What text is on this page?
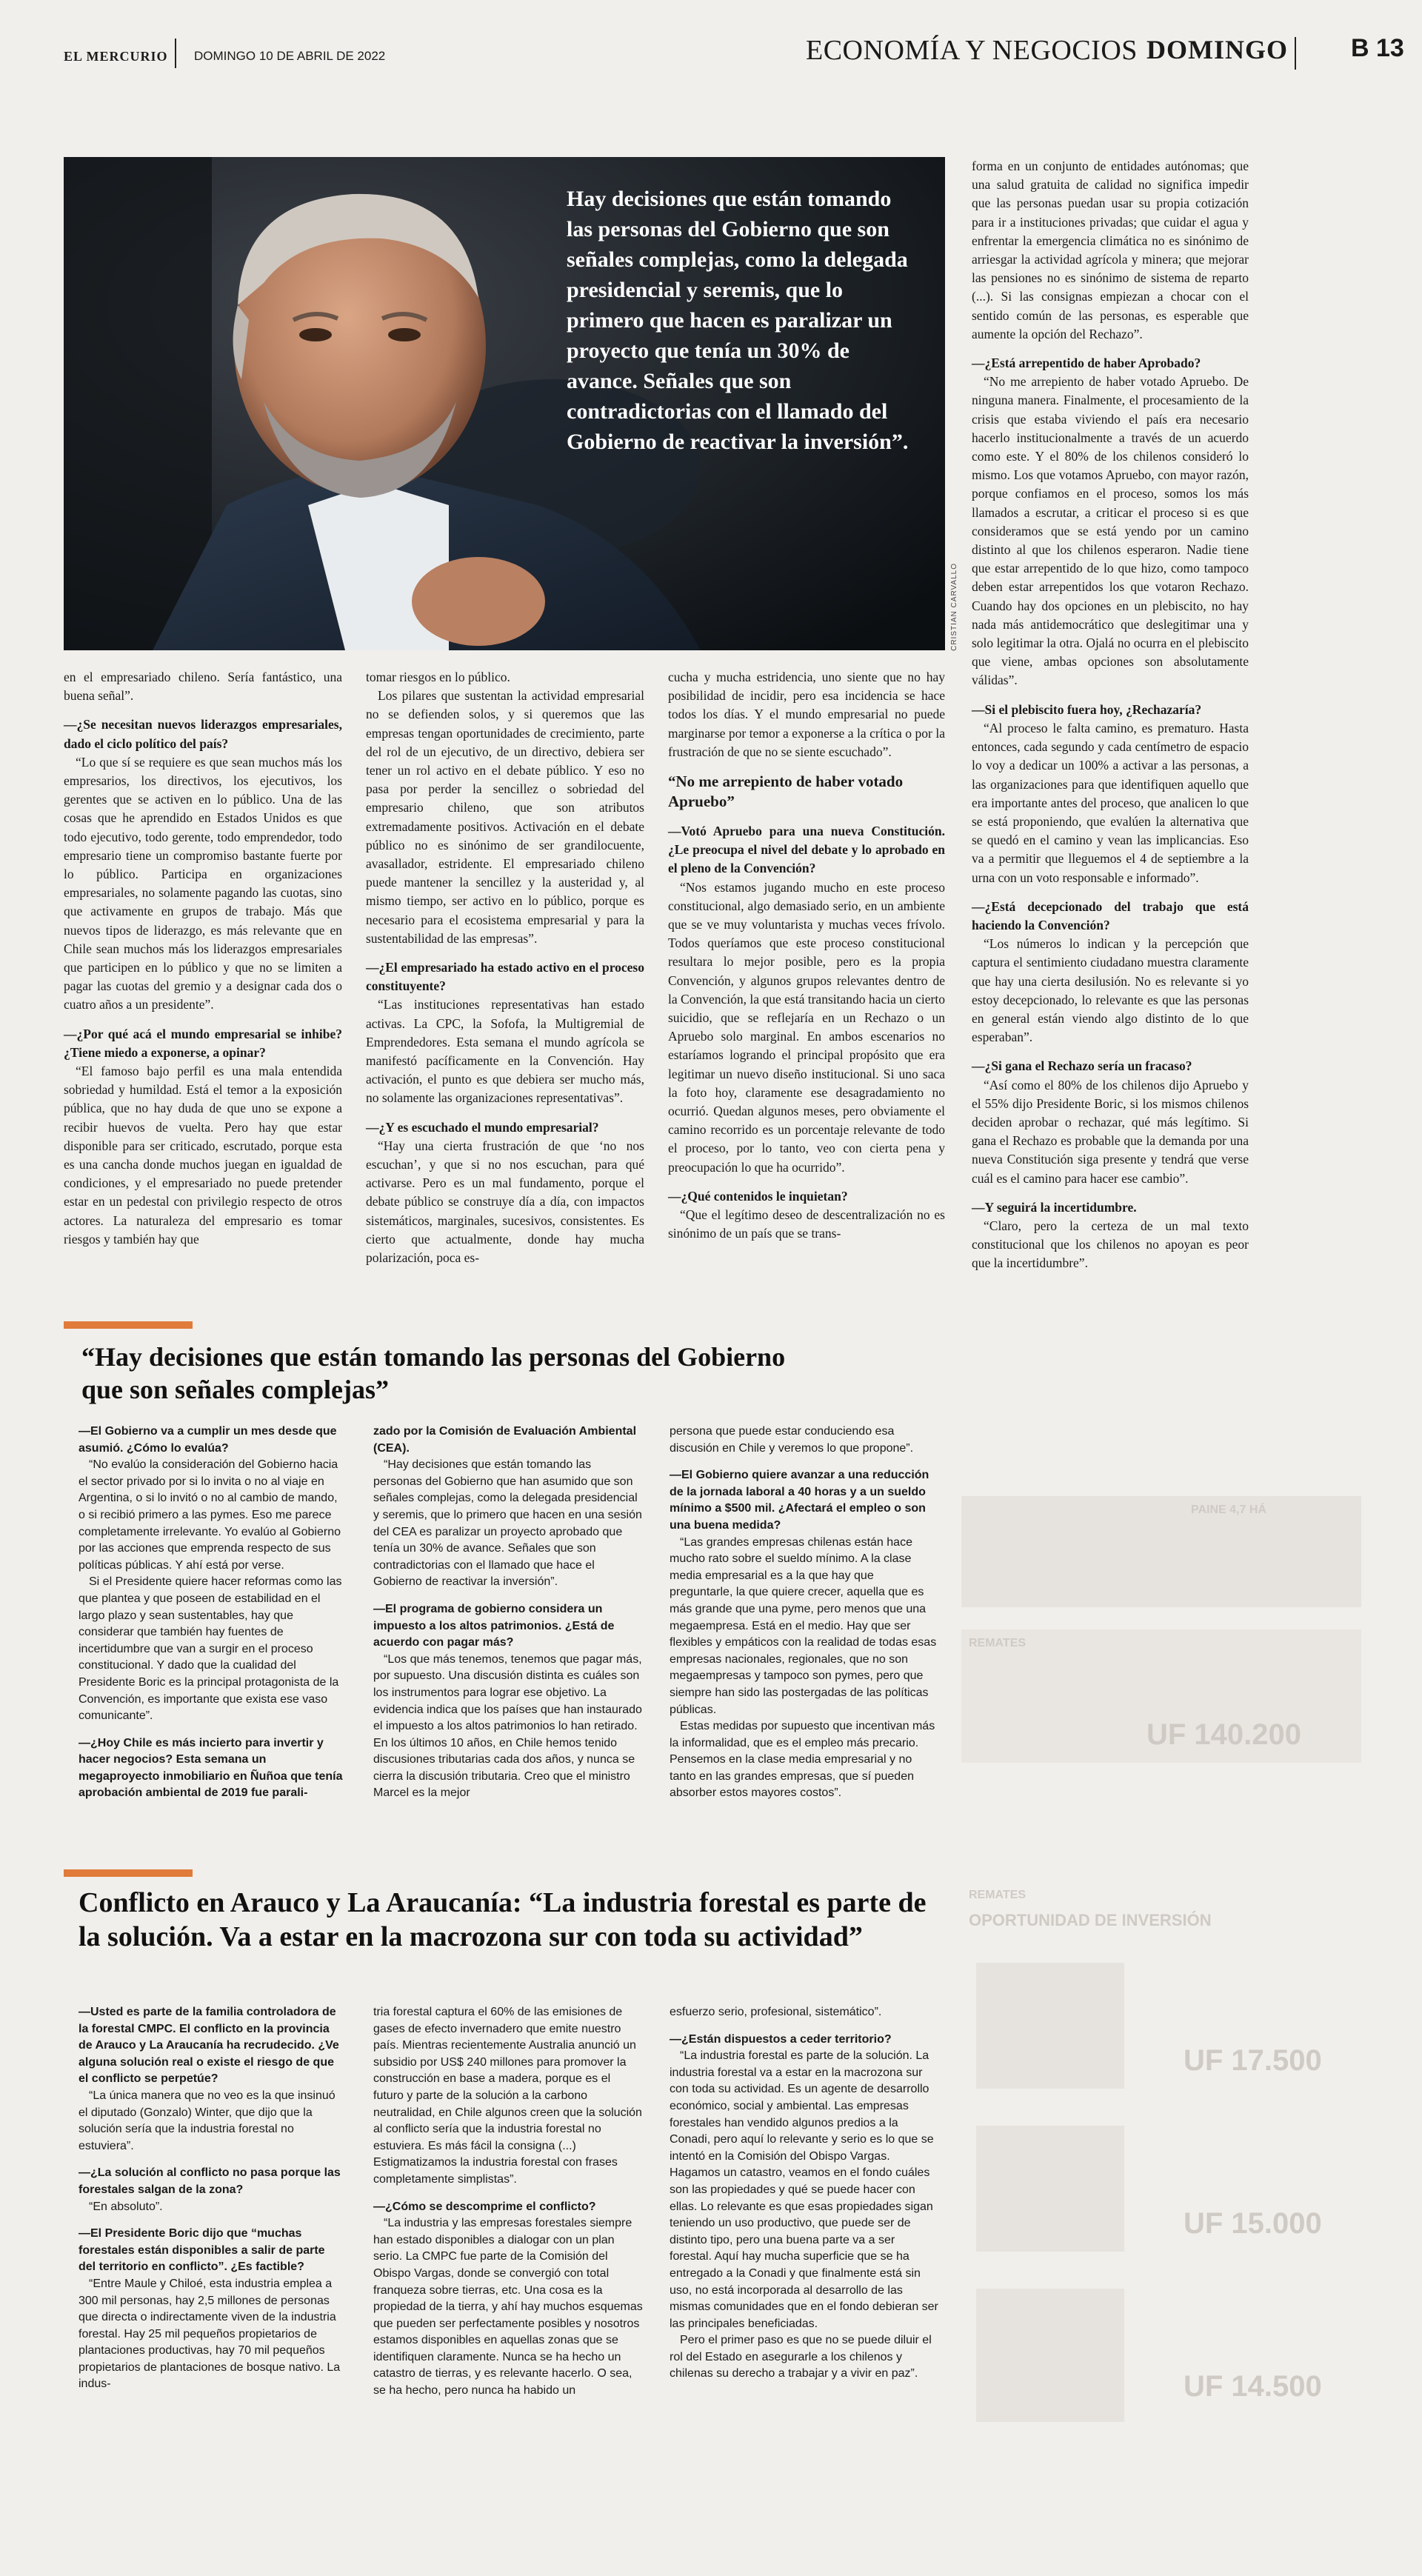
EL MERCURIO DOMINGO 10 DE ABRIL DE 2022	ECONOMÍA Y NEGOCIOS DOMINGO	B 13
Hay decisiones que están tomando las personas del Gobierno que son señales complejas, como la delegada presidencial y seremis, que lo primero que hacen es paralizar un proyecto que tenía un 30% de avance. Señales que son contradictorias con el llamado del Gobierno de reactivar la inversión”.
CRISTIAN CARVALLO

en el empresariado chileno. Sería fantástico, una buena señal”.

—¿Se necesitan nuevos liderazgos empresariales, dado el ciclo político del país?

“Lo que sí se requiere es que sean muchos más los empresarios, los directivos, los ejecutivos, los gerentes que se activen en lo público. Una de las cosas que he aprendido en Estados Unidos es que todo ejecutivo, todo gerente, todo emprendedor, todo empresario tiene un compromiso bastante fuerte por lo público. Participa en organizaciones empresariales, no solamente pagando las cuotas, sino que activamente en grupos de trabajo. Más que nuevos tipos de liderazgo, es más relevante que en Chile sean muchos más los liderazgos empresariales que participen en lo público y que no se limiten a pagar las cuotas del gremio y a designar cada dos o cuatro años a un presidente”.

—¿Por qué acá el mundo empresarial se inhibe? ¿Tiene miedo a exponerse, a opinar?

“El famoso bajo perfil es una mala entendida sobriedad y humildad. Está el temor a la exposición pública, que no hay duda de que uno se expone a recibir huevos de vuelta. Pero hay que estar disponible para ser criticado, escrutado, porque esta es una cancha donde muchos juegan en igualdad de condiciones, y el empresariado no puede pretender estar en un pedestal con privilegio respecto de otros actores. La naturaleza del empresario es tomar riesgos y también hay que

tomar riesgos en lo público.

Los pilares que sustentan la actividad empresarial no se defienden solos, y si queremos que las empresas tengan oportunidades de crecimiento, parte del rol de un ejecutivo, de un directivo, debiera ser tener un rol activo en el debate público. Y eso no pasa por perder la sencillez o sobriedad del empresario chileno, que son atributos extremadamente positivos. Activación en el debate público no es sinónimo de ser grandilocuente, avasallador, estridente. El empresariado chileno puede mantener la sencillez y la austeridad y, al mismo tiempo, ser activo en lo público, porque es necesario para el ecosistema empresarial y para la sustentabilidad de las empresas”.

—¿El empresariado ha estado activo en el proceso constituyente?

“Las instituciones representativas han estado activas. La CPC, la Sofofa, la Multigremial de Emprendedores. Esta semana el mundo agrícola se manifestó pacíficamente en la Convención. Hay activación, el punto es que debiera ser mucho más, no solamente las organizaciones representativas”.

—¿Y es escuchado el mundo empresarial?

“Hay una cierta frustración de que ‘no nos escuchan’, y que si no nos escuchan, para qué activarse. Pero es un mal fundamento, porque el debate público se construye día a día, con impactos sistemáticos, marginales, sucesivos, consistentes. Es cierto que actualmente, donde hay mucha polarización, poca es-

cucha y mucha estridencia, uno siente que no hay posibilidad de incidir, pero esa incidencia se hace todos los días. Y el mundo empresarial no puede marginarse por temor a exponerse a la crítica o por la frustración de que no se siente escuchado”.

“No me arrepiento de haber votado Apruebo”

—Votó Apruebo para una nueva Constitución. ¿Le preocupa el nivel del debate y lo aprobado en el pleno de la Convención?

“Nos estamos jugando mucho en este proceso constitucional, algo demasiado serio, en un ambiente que se ve muy voluntarista y muchas veces frívolo. Todos queríamos que este proceso constitucional resultara lo mejor posible, pero es la propia Convención, y algunos grupos relevantes dentro de la Convención, la que está transitando hacia un cierto suicidio, que se reflejaría en un Rechazo o un Apruebo solo marginal. En ambos escenarios no estaríamos logrando el principal propósito que era legitimar un nuevo diseño institucional. Si uno saca la foto hoy, claramente ese desagradamiento no ocurrió. Quedan algunos meses, pero obviamente el camino recorrido es un porcentaje relevante de todo el proceso, por lo tanto, veo con cierta pena y preocupación lo que ha ocurrido”.

—¿Qué contenidos le inquietan?

“Que el legítimo deseo de descentralización no es sinónimo de un país que se trans-

forma en un conjunto de entidades autónomas; que una salud gratuita de calidad no significa impedir que las personas puedan usar su propia cotización para ir a instituciones privadas; que cuidar el agua y enfrentar la emergencia climática no es sinónimo de arriesgar la actividad agrícola y minera; que mejorar las pensiones no es sinónimo de sistema de reparto (...). Si las consignas empiezan a chocar con el sentido común de las personas, es esperable que aumente la opción del Rechazo”.

—¿Está arrepentido de haber Aprobado?

“No me arrepiento de haber votado Apruebo. De ninguna manera. Finalmente, el procesamiento de la crisis que estaba viviendo el país era necesario hacerlo institucionalmente a través de un acuerdo como este. Y el 80% de los chilenos consideró lo mismo. Los que votamos Apruebo, con mayor razón, porque confiamos en el proceso, somos los más llamados a escrutar, a criticar el proceso si es que consideramos que se está yendo por un camino distinto al que los chilenos esperaron. Nadie tiene que estar arrepentido de lo que hizo, como tampoco deben estar arrepentidos los que votaron Rechazo. Cuando hay dos opciones en un plebiscito, no hay nada más antidemocrático que deslegitimar una y solo legitimar la otra. Ojalá no ocurra en el plebiscito que viene, ambas opciones son absolutamente válidas”.

—Si el plebiscito fuera hoy, ¿Rechazaría?

“Al proceso le falta camino, es prematuro. Hasta entonces, cada segundo y cada centímetro de espacio lo voy a dedicar un 100% a activar a las personas, a las organizaciones para que identifiquen aquello que era importante antes del proceso, que analicen lo que se está proponiendo, que evalúen la alternativa que se quedó en el camino y vean las implicancias. Eso va a permitir que lleguemos el 4 de septiembre a la urna con un voto responsable e informado”.

—¿Está decepcionado del trabajo que está haciendo la Convención?

“Los números lo indican y la percepción que captura el sentimiento ciudadano muestra claramente que hay una cierta desilusión. No es relevante si yo estoy decepcionado, lo relevante es que las personas en general están viendo algo distinto de lo que esperaban”.

—¿Si gana el Rechazo sería un fracaso?

“Así como el 80% de los chilenos dijo Apruebo y el 55% dijo Presidente Boric, si los mismos chilenos deciden aprobar o rechazar, qué más legítimo. Si gana el Rechazo es probable que la demanda por una nueva Constitución siga presente y tendrá que verse cuál es el camino para hacer ese cambio”.

—Y seguirá la incertidumbre.

“Claro, pero la certeza de un mal texto constitucional que los chilenos no apoyan es peor que la incertidumbre”.

“Hay decisiones que están tomando las personas del Gobierno que son señales complejas”

—El Gobierno va a cumplir un mes desde que asumió. ¿Cómo lo evalúa?

“No evalúo la consideración del Gobierno hacia el sector privado por si lo invita o no al viaje en Argentina, o si lo invitó o no al cambio de mando, o si recibió primero a las pymes. Eso me parece completamente irrelevante. Yo evalúo al Gobierno por las acciones que emprenda respecto de sus políticas públicas. Y ahí está por verse.

Si el Presidente quiere hacer reformas como las que plantea y que poseen de estabilidad en el largo plazo y sean sustentables, hay que considerar que también hay fuentes de incertidumbre que van a surgir en el proceso constitucional. Y dado que la cualidad del Presidente Boric es la principal protagonista de la Convención, es importante que exista ese vaso comunicante”.

—¿Hoy Chile es más incierto para invertir y hacer negocios? Esta semana un megaproyecto inmobiliario en Ñuñoa que tenía aprobación ambiental de 2019 fue parali-

zado por la Comisión de Evaluación Ambiental (CEA).

“Hay decisiones que están tomando las personas del Gobierno que han asumido que son señales complejas, como la delegada presidencial y seremis, que lo primero que hacen en una sesión del CEA es paralizar un proyecto aprobado que tenía un 30% de avance. Señales que son contradictorias con el llamado que hace el Gobierno de reactivar la inversión”.

—El programa de gobierno considera un impuesto a los altos patrimonios. ¿Está de acuerdo con pagar más?

“Los que más tenemos, tenemos que pagar más, por supuesto. Una discusión distinta es cuáles son los instrumentos para lograr ese objetivo. La evidencia indica que los países que han instaurado el impuesto a los altos patrimonios lo han retirado. En los últimos 10 años, en Chile hemos tenido discusiones tributarias cada dos años, y nunca se cierra la discusión tributaria. Creo que el ministro Marcel es la mejor

persona que puede estar conduciendo esa discusión en Chile y veremos lo que propone”.

—El Gobierno quiere avanzar a una reducción de la jornada laboral a 40 horas y a un sueldo mínimo a $500 mil. ¿Afectará el empleo o son una buena medida?

“Las grandes empresas chilenas están hace mucho rato sobre el sueldo mínimo. A la clase media empresarial es a la que hay que preguntarle, la que quiere crecer, aquella que es más grande que una pyme, pero menos que una megaempresa. Está en el medio. Hay que ser flexibles y empáticos con la realidad de todas esas empresas nacionales, regionales, que no son megaempresas y tampoco son pymes, pero que siempre han sido las postergadas de las políticas públicas.

Estas medidas por supuesto que incentivan más la informalidad, que es el empleo más precario. Pensemos en la clase media empresarial y no tanto en las grandes empresas, que sí pueden absorber estos mayores costos”.

Conflicto en Arauco y La Araucanía: “La industria forestal es parte de la solución. Va a estar en la macrozona sur con toda su actividad”

—Usted es parte de la familia controladora de la forestal CMPC. El conflicto en la provincia de Arauco y La Araucanía ha recrudecido. ¿Ve alguna solución real o existe el riesgo de que el conflicto se perpetúe?

“La única manera que no veo es la que insinuó el diputado (Gonzalo) Winter, que dijo que la solución sería que la industria forestal no estuviera”.

—¿La solución al conflicto no pasa porque las forestales salgan de la zona?

“En absoluto”.

—El Presidente Boric dijo que “muchas forestales están disponibles a salir de parte del territorio en conflicto”. ¿Es factible?

“Entre Maule y Chiloé, esta industria emplea a 300 mil personas, hay 2,5 millones de personas que directa o indirectamente viven de la industria forestal. Hay 25 mil pequeños propietarios de plantaciones productivas, hay 70 mil pequeños propietarios de plantaciones de bosque nativo. La indus-

tria forestal captura el 60% de las emisiones de gases de efecto invernadero que emite nuestro país. Mientras recientemente Australia anunció un subsidio por US$ 240 millones para promover la construcción en base a madera, porque es el futuro y parte de la solución a la carbono neutralidad, en Chile algunos creen que la solución al conflicto sería que la industria forestal no estuviera. Es más fácil la consigna (...) Estigmatizamos la industria forestal con frases completamente simplistas”.

—¿Cómo se descomprime el conflicto?

“La industria y las empresas forestales siempre han estado disponibles a dialogar con un plan serio. La CMPC fue parte de la Comisión del Obispo Vargas, donde se convergió con total franqueza sobre tierras, etc. Una cosa es la propiedad de la tierra, y ahí hay muchos esquemas que pueden ser perfectamente posibles y nosotros estamos disponibles en aquellas zonas que se identifiquen claramente. Nunca se ha hecho un catastro de tierras, y es relevante hacerlo. O sea, se ha hecho, pero nunca ha habido un

esfuerzo serio, profesional, sistemático”.

—¿Están dispuestos a ceder territorio?

“La industria forestal es parte de la solución. La industria forestal va a estar en la macrozona sur con toda su actividad. Es un agente de desarrollo económico, social y ambiental. Las empresas forestales han vendido algunos predios a la Conadi, pero aquí lo relevante y serio es lo que se intentó en la Comisión del Obispo Vargas. Hagamos un catastro, veamos en el fondo cuáles son las propiedades y qué se puede hacer con ellas. Lo relevante es que esas propiedades sigan teniendo un uso productivo, que puede ser de distinto tipo, pero una buena parte va a ser forestal. Aquí hay mucha superficie que se ha entregado a la Conadi y que finalmente está sin uso, no está incorporada al desarrollo de las mismas comunidades que en el fondo debieran ser las principales beneficiadas.

Pero el primer paso es que no se puede diluir el rol del Estado en asegurarle a los chilenos y chilenas su derecho a trabajar y a vivir en paz”.

PAINE 4,7 HÁ
REMATES
UF 140.200
REMATES
OPORTUNIDAD DE INVERSIÓN
UF 17.500
UF 15.000
UF 14.500
